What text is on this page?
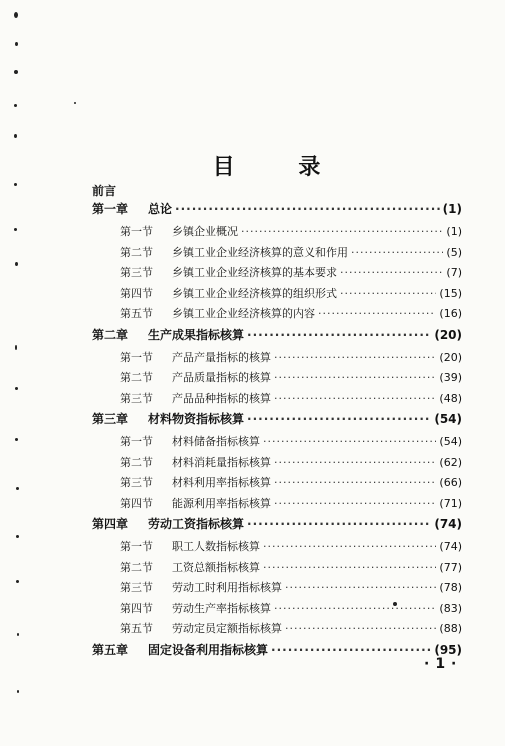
目 录
前言
第一章	总论 ·····	(1)
第一节	乡镇企业概况 ·····	(1)
第二节	乡镇工业企业经济核算的意义和作用 ·····	(5)
第三节	乡镇工业企业经济核算的基本要求 ·····	(7)
第四节	乡镇工业企业经济核算的组织形式 ·····	(15)
第五节	乡镇工业企业经济核算的内容 ·····	(16)
第二章	生产成果指标核算 ·····	(20)
第一节	产品产量指标的核算 ·····	(20)
第二节	产品质量指标的核算 ·····	(39)
第三节	产品品种指标的核算 ·····	(48)
第三章	材料物资指标核算 ·····	(54)
第一节	材料储备指标核算 ·····	(54)
第二节	材料消耗量指标核算 ·····	(62)
第三节	材料利用率指标核算 ·····	(66)
第四节	能源利用率指标核算 ·····	(71)
第四章	劳动工资指标核算 ·····	(74)
第一节	职工人数指标核算 ·····	(74)
第二节	工资总额指标核算 ·····	(77)
第三节	劳动工时利用指标核算 ·····	(78)
第四节	劳动生产率指标核算 ·····	(83)
第五节	劳动定员定额指标核算 ·····	(88)
第五章	固定设备利用指标核算 ·····	(95)
·1·
